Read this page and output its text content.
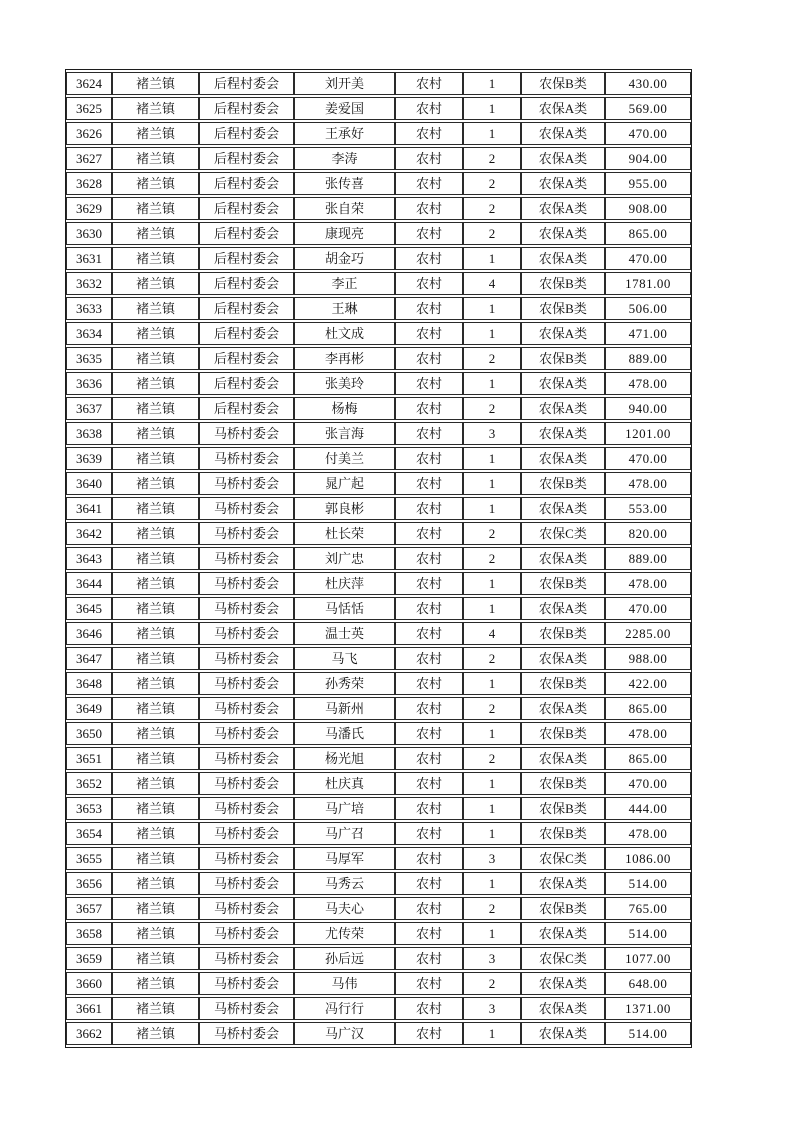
3624	褚兰镇	后程村委会	刘开美	农村	1	农保B类	430.00
3625	褚兰镇	后程村委会	姜爱国	农村	1	农保A类	569.00
3626	褚兰镇	后程村委会	王承好	农村	1	农保A类	470.00
3627	褚兰镇	后程村委会	李涛	农村	2	农保A类	904.00
3628	褚兰镇	后程村委会	张传喜	农村	2	农保A类	955.00
3629	褚兰镇	后程村委会	张自荣	农村	2	农保A类	908.00
3630	褚兰镇	后程村委会	康现亮	农村	2	农保A类	865.00
3631	褚兰镇	后程村委会	胡金巧	农村	1	农保A类	470.00
3632	褚兰镇	后程村委会	李正	农村	4	农保B类	1781.00
3633	褚兰镇	后程村委会	王琳	农村	1	农保B类	506.00
3634	褚兰镇	后程村委会	杜文成	农村	1	农保A类	471.00
3635	褚兰镇	后程村委会	李再彬	农村	2	农保B类	889.00
3636	褚兰镇	后程村委会	张美玲	农村	1	农保A类	478.00
3637	褚兰镇	后程村委会	杨梅	农村	2	农保A类	940.00
3638	褚兰镇	马桥村委会	张言海	农村	3	农保A类	1201.00
3639	褚兰镇	马桥村委会	付美兰	农村	1	农保A类	470.00
3640	褚兰镇	马桥村委会	晁广起	农村	1	农保B类	478.00
3641	褚兰镇	马桥村委会	郭良彬	农村	1	农保A类	553.00
3642	褚兰镇	马桥村委会	杜长荣	农村	2	农保C类	820.00
3643	褚兰镇	马桥村委会	刘广忠	农村	2	农保A类	889.00
3644	褚兰镇	马桥村委会	杜庆萍	农村	1	农保B类	478.00
3645	褚兰镇	马桥村委会	马恬恬	农村	1	农保A类	470.00
3646	褚兰镇	马桥村委会	温士英	农村	4	农保B类	2285.00
3647	褚兰镇	马桥村委会	马飞	农村	2	农保A类	988.00
3648	褚兰镇	马桥村委会	孙秀荣	农村	1	农保B类	422.00
3649	褚兰镇	马桥村委会	马新州	农村	2	农保A类	865.00
3650	褚兰镇	马桥村委会	马潘氏	农村	1	农保B类	478.00
3651	褚兰镇	马桥村委会	杨光旭	农村	2	农保A类	865.00
3652	褚兰镇	马桥村委会	杜庆真	农村	1	农保B类	470.00
3653	褚兰镇	马桥村委会	马广培	农村	1	农保B类	444.00
3654	褚兰镇	马桥村委会	马广召	农村	1	农保B类	478.00
3655	褚兰镇	马桥村委会	马厚军	农村	3	农保C类	1086.00
3656	褚兰镇	马桥村委会	马秀云	农村	1	农保A类	514.00
3657	褚兰镇	马桥村委会	马夫心	农村	2	农保B类	765.00
3658	褚兰镇	马桥村委会	尤传荣	农村	1	农保A类	514.00
3659	褚兰镇	马桥村委会	孙后远	农村	3	农保C类	1077.00
3660	褚兰镇	马桥村委会	马伟	农村	2	农保A类	648.00
3661	褚兰镇	马桥村委会	冯行行	农村	3	农保A类	1371.00
3662	褚兰镇	马桥村委会	马广汉	农村	1	农保A类	514.00
